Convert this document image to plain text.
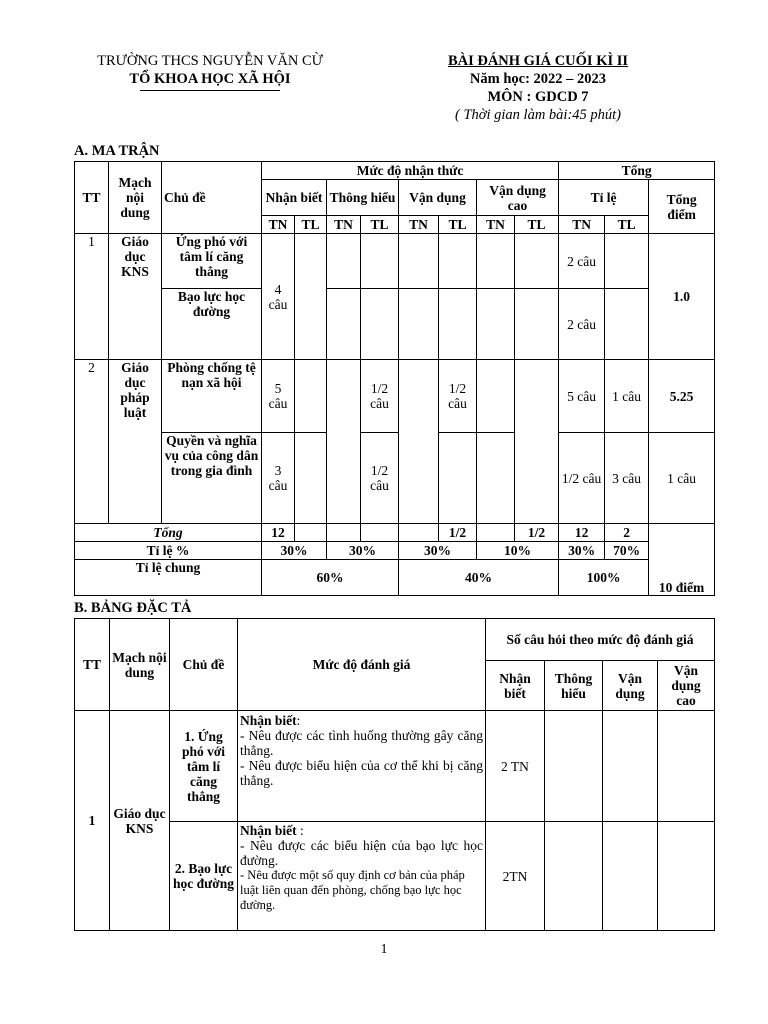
TRƯỜNG THCS NGUYỄN VĂN CỪ
TỔ KHOA HỌC XÃ HỘI
BÀI ĐÁNH GIÁ CUỐI KÌ II
Năm học: 2022 – 2023
MÔN : GDCD 7
( Thời gian làm bài:45 phút)
A. MA TRẬN
TT	Mạch nội dung	Chủ đề	Mức độ nhận thức								Tổng			
			Nhận biết		Thông hiểu		Vận dụng		Vận dụng cao		Tỉ lệ		Tổng điểm	
			TN	TL	TN	TL	TN	TL	TN	TL	TN	TL		
1	Giáo dục KNS	Ứng phó với tâm lí căng thẳng	4 câu								2 câu		1.0	
		Bạo lực học đường									2 câu			
2	Giáo dục pháp luật	Phòng chống tệ nạn xã hội	5 câu			1/2 câu		1/2 câu			5 câu	1 câu	5.25	
		Quyền và nghĩa vụ của công dân trong gia đình	3 câu			1/2 câu					1/2 câu	3 câu	1 câu	
Tổng			12					1/2		1/2	12	2	10 điểm	
Tỉ lệ %			30%		30%		30%		10%		30%	70%		
Tỉ lệ chung			60%				40%				100%			
B. BẢNG ĐẶC TẢ
TT	Mạch nội dung	Chủ đề	Mức độ đánh giá	Số câu hỏi theo mức độ đánh giá			
				Nhận biết	Thông hiểu	Vận dụng	Vận dụng cao
1	Giáo dục KNS	1. Ứng phó với tâm lí căng thẳng	Nhận biết:
- Nêu được các tình huống thường gây căng thẳng.
- Nêu được biểu hiện của cơ thể khi bị căng thẳng.	2 TN			
		2. Bạo lực học đường	Nhận biết :
- Nêu được các biểu hiện của bạo lực học đường.
- Nêu được một số quy định cơ bản của pháp luật liên quan đến phòng, chống bạo lực học đường.	2TN			
1
